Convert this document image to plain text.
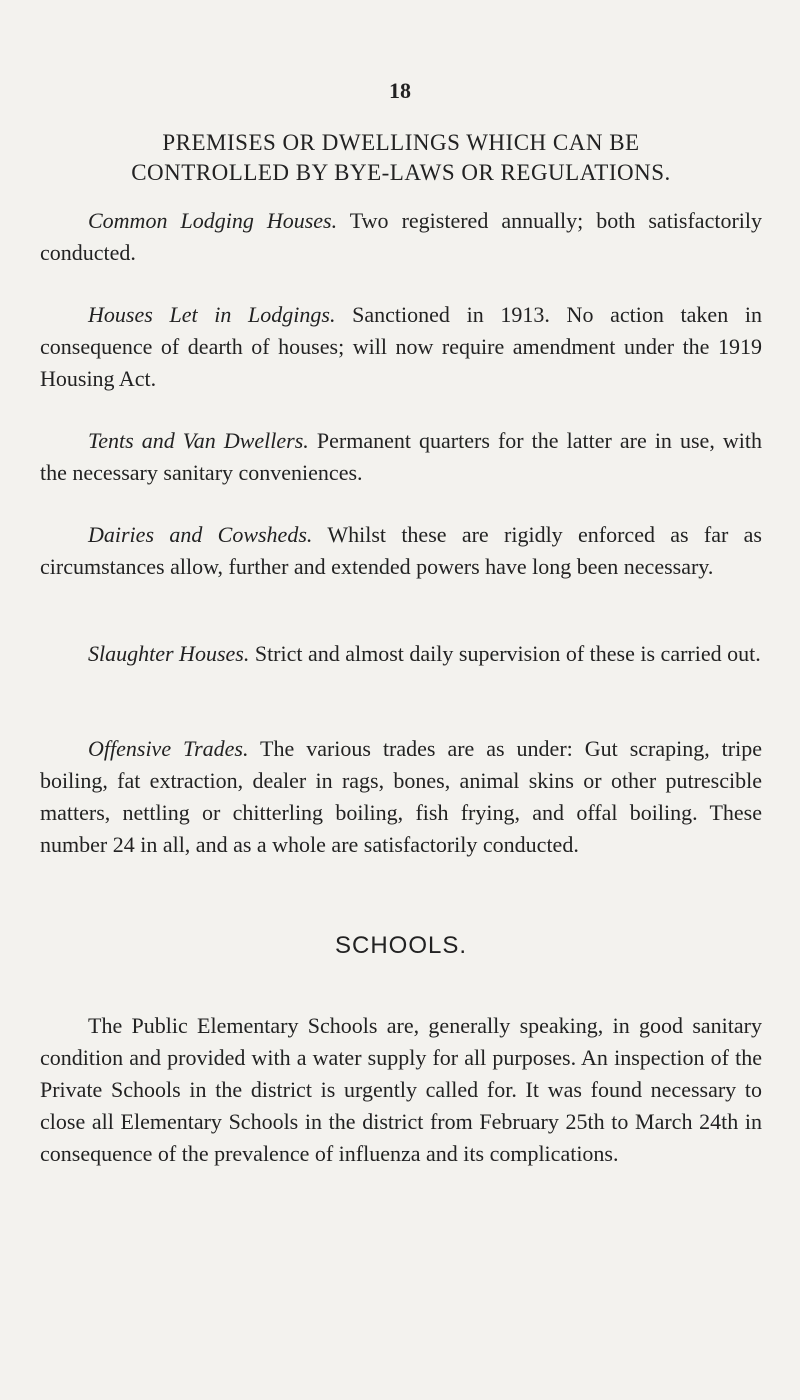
18
PREMISES OR DWELLINGS WHICH CAN BE
CONTROLLED BY BYE-LAWS OR REGULATIONS.

Common Lodging Houses. Two registered annually; both satisfactorily conducted.

Houses Let in Lodgings. Sanctioned in 1913. No action taken in consequence of dearth of houses; will now require amendment under the 1919 Housing Act.

Tents and Van Dwellers. Permanent quarters for the latter are in use, with the necessary sanitary conveniences.

Dairies and Cowsheds. Whilst these are rigidly enforced as far as circumstances allow, further and extended powers have long been necessary.

Slaughter Houses. Strict and almost daily supervision of these is carried out.

Offensive Trades. The various trades are as under: Gut scraping, tripe boiling, fat extraction, dealer in rags, bones, animal skins or other putrescible matters, nettling or chitterling boiling, fish frying, and offal boiling. These number 24 in all, and as a whole are satisfactorily conducted.

SCHOOLS.

The Public Elementary Schools are, generally speaking, in good sanitary condition and provided with a water supply for all purposes. An inspection of the Private Schools in the district is urgently called for. It was found necessary to close all Elementary Schools in the district from February 25th to March 24th in consequence of the prevalence of influenza and its complications.
